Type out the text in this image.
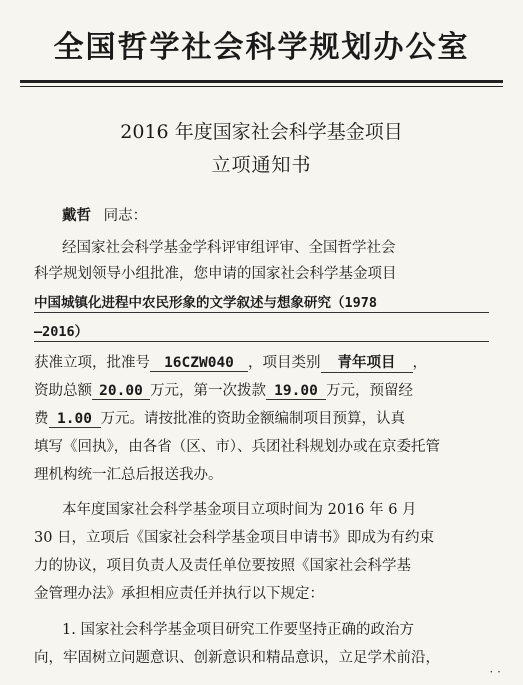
全国哲学社会科学规划办公室
2016 年度国家社会科学基金项目
立项通知书
戴哲 同志：
经国家社会科学基金学科评审组评审、全国哲学社会
科学规划领导小组批准，您申请的国家社会科学基金项目
中国城镇化进程中农民形象的文学叙述与想象研究（1978
—2016）
获准立项，批准号 16CZW040 ，项目类别 青年项目 ，
资助总额 20.00 万元，第一次拨款 19.00 万元，预留经
费 1.00 万元。请按批准的资助金额编制项目预算，认真
填写《回执》，由各省（区、市）、兵团社科规划办或在京委托管
理机构统一汇总后报送我办。
本年度国家社会科学基金项目立项时间为 2016 年 6 月
30 日，立项后《国家社会科学基金项目申请书》即成为有约束
力的协议，项目负责人及责任单位要按照《国家社会科学基
金管理办法》承担相应责任并执行以下规定：
1. 国家社会科学基金项目研究工作要坚持正确的政治方
向，牢固树立问题意识、创新意识和精品意识，立足学术前沿，
· ·
